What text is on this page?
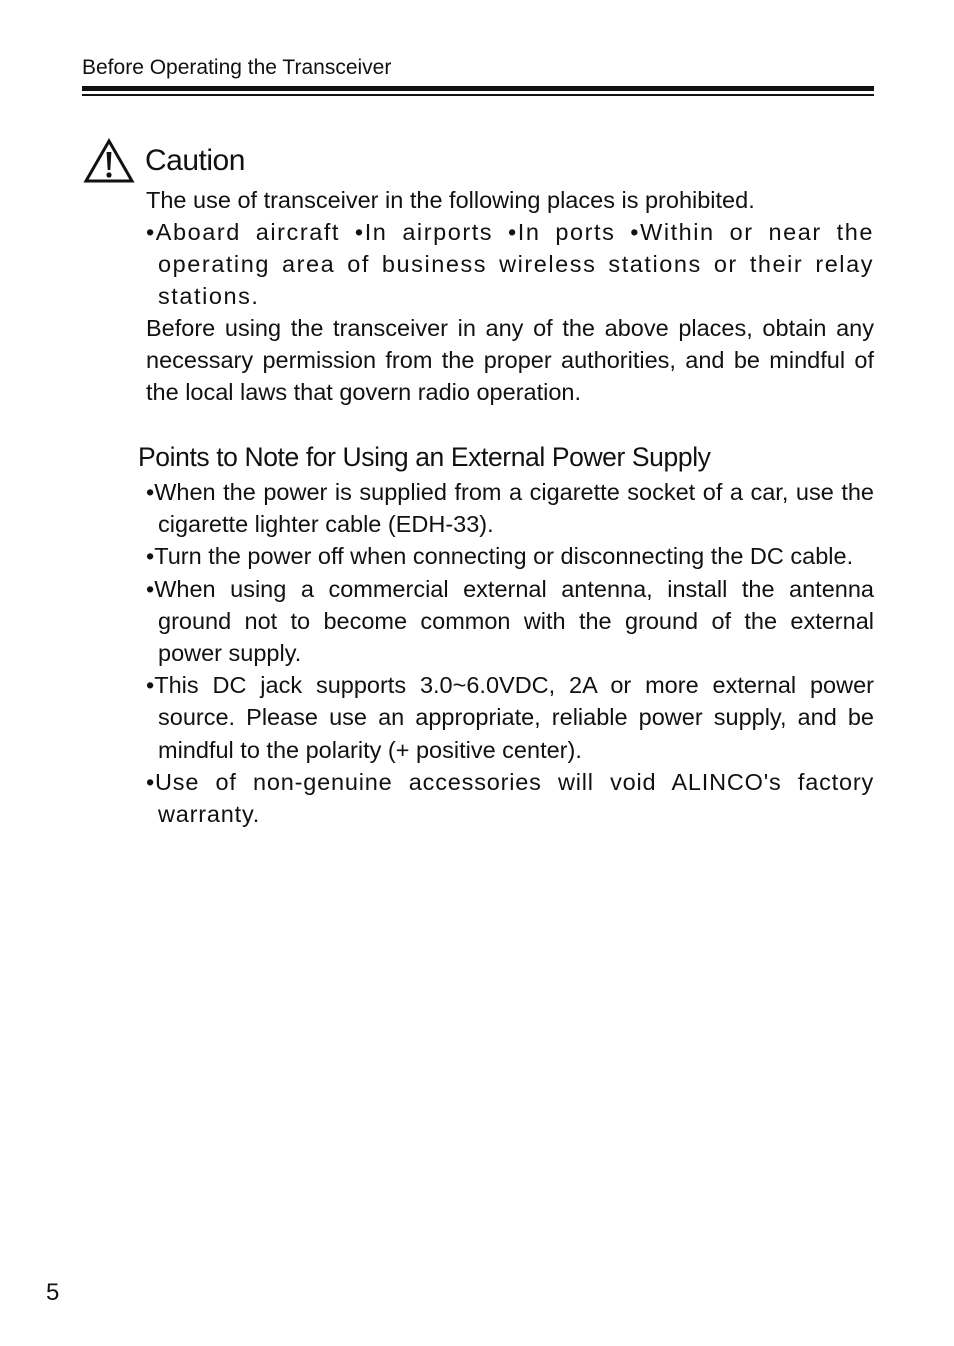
Before Operating the Transceiver
Caution

The use of transceiver in the following places is prohibited.

•Aboard aircraft •In airports •In ports •Within or near the operating area of business wireless stations or their relay stations.

Before using the transceiver in any of the above places, obtain any necessary permission from the proper authorities, and be mindful of the local laws that govern radio operation.

Points to Note for Using an External Power Supply
•When the power is supplied from a cigarette socket of a car, use the cigarette lighter cable (EDH-33).
•Turn the power off when connecting or disconnecting the DC cable.
•When using a commercial external antenna, install the antenna ground not to become common with the ground of the external power supply.
•This DC jack supports 3.0~6.0VDC, 2A or more external power source. Please use an appropriate, reliable power supply, and be mindful to the polarity (+ positive center).
•Use of non-genuine accessories will void ALINCO's factory warranty.
5
